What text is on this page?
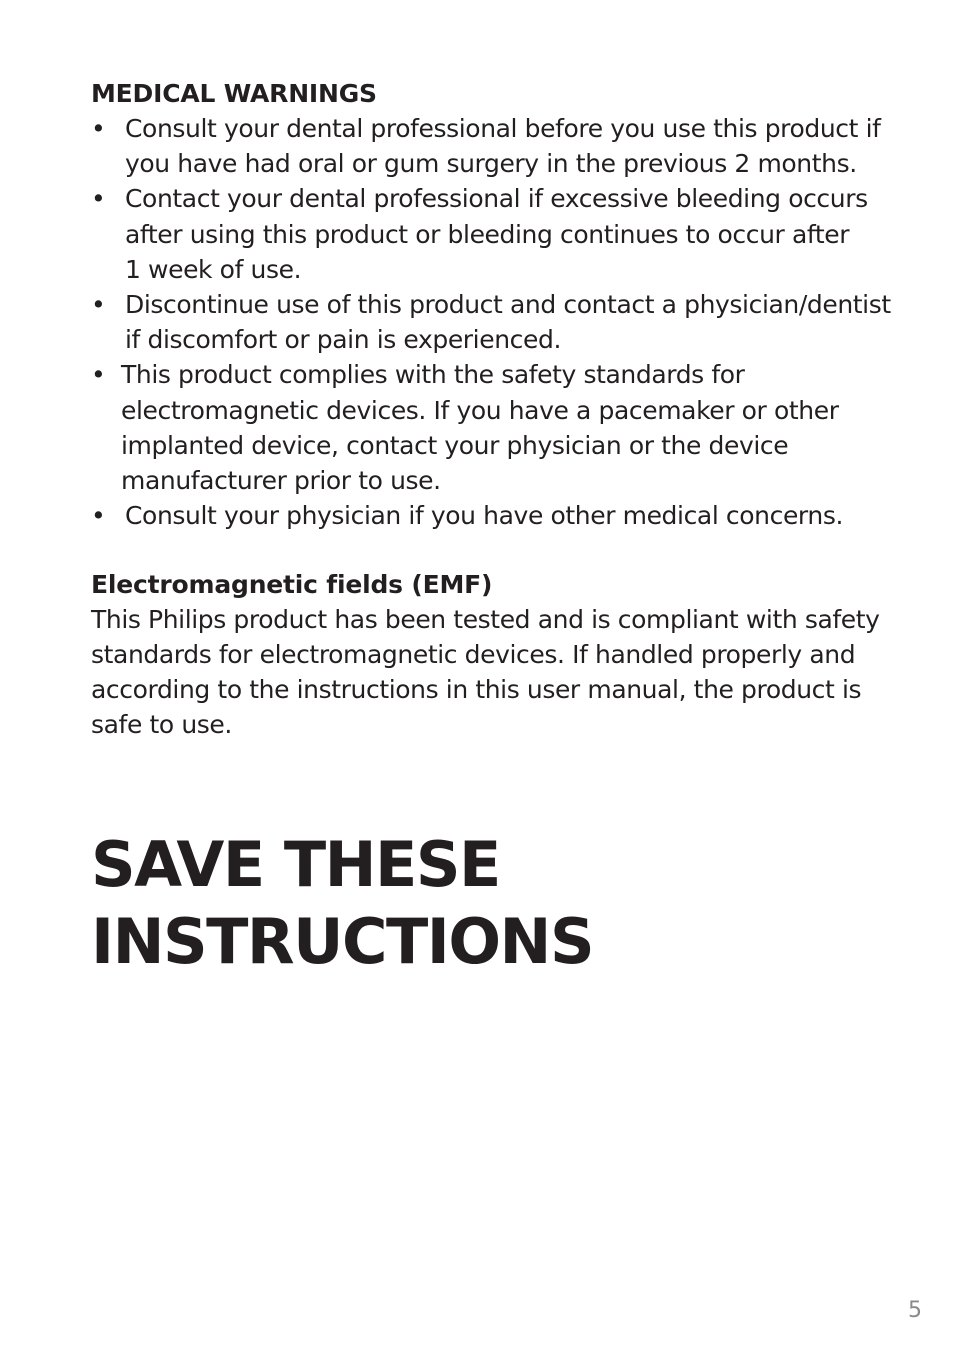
MEDICAL WARNINGS
• Consult your dental professional before you use this product if
you have had oral or gum surgery in the previous 2 months.
• Contact your dental professional if excessive bleeding occurs
after using this product or bleeding continues to occur after
1 week of use.
• Discontinue use of this product and contact a physician/dentist
if discomfort or pain is experienced.
• This product complies with the safety standards for
electromagnetic devices. If you have a pacemaker or other
implanted device, contact your physician or the device
manufacturer prior to use.
• Consult your physician if you have other medical concerns.
Electromagnetic fields (EMF)

This Philips product has been tested and is compliant with safety
standards for electromagnetic devices. If handled properly and
according to the instructions in this user manual, the product is
safe to use.

SAVE THESE
INSTRUCTIONS
5
